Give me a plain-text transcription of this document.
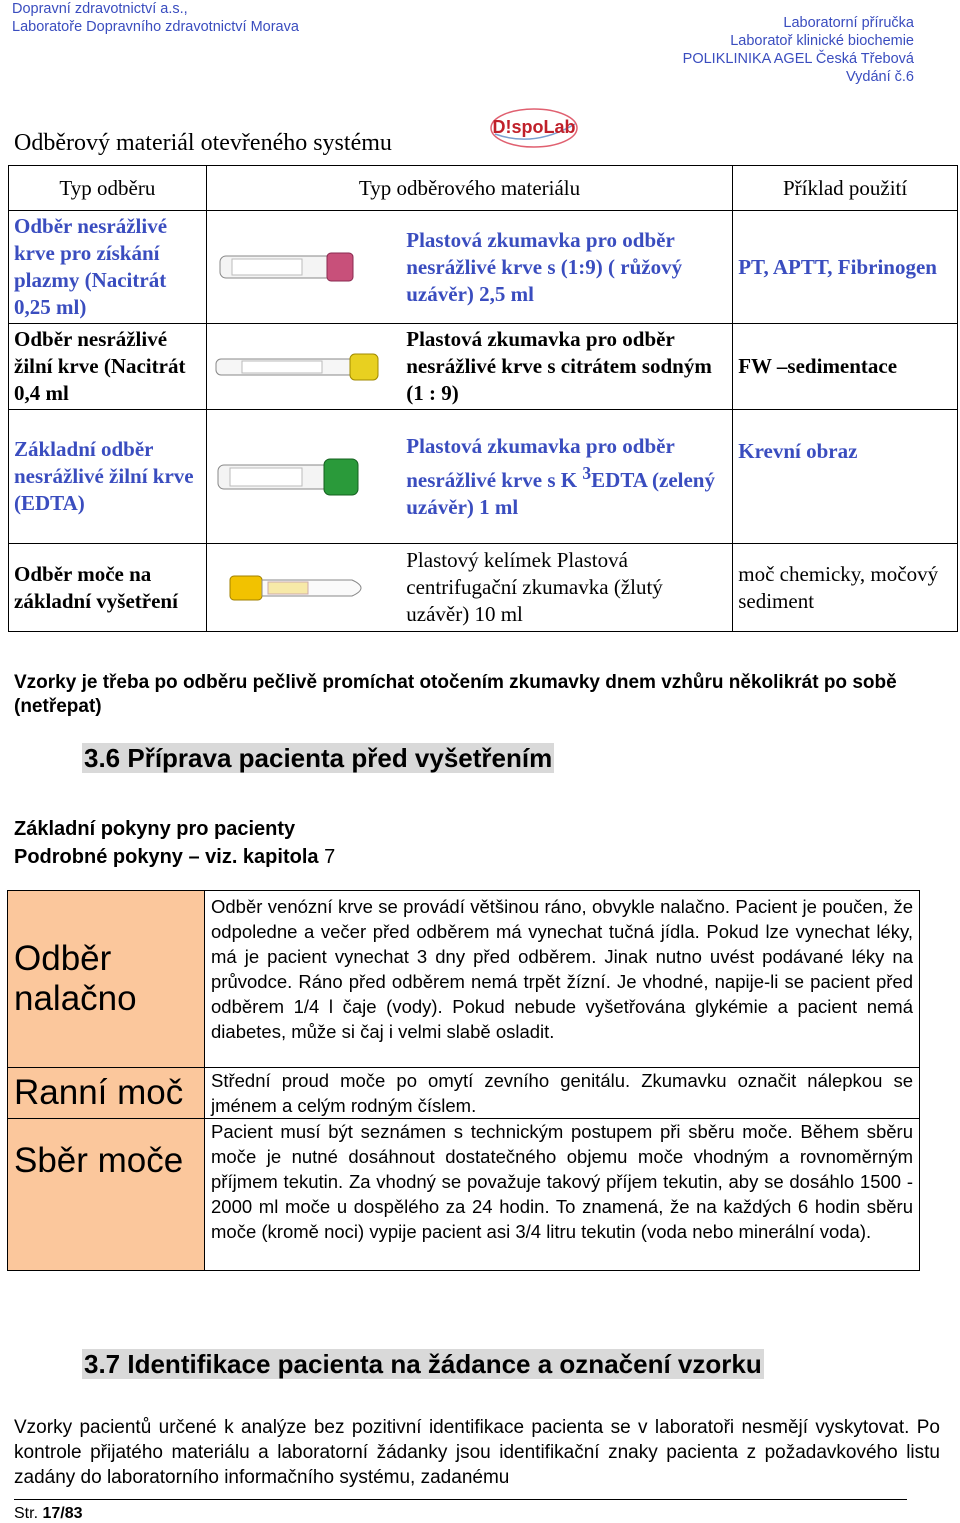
Dopravní zdravotnictví a.s.,
Laboratoře Dopravního zdravotnictví Morava	Laboratorní příručka
Laboratoř klinické biochemie
POLIKLINIKA AGEL Česká Třebová
Vydání č.6
Odběrový materiál otevřeného systému
D!spoLab
Typ odběru	Typ odběrového materiálu		Příklad použití
Odběr nesrážlivé krve pro získání plazmy (Nacitrát 0,25 ml)		Plastová zkumavka pro odběr nesrážlivé krve s (1:9) ( růžový uzávěr) 2,5 ml	PT, APTT, Fibrinogen
Odběr nesrážlivé žilní krve (Nacitrát 0,4 ml		Plastová zkumavka pro odběr nesrážlivé krve s citrátem sodným (1 : 9)	FW –sedimentace
Základní odběr nesrážlivé žilní krve (EDTA)		Plastová zkumavka pro odběr nesrážlivé krve s K $^3$EDTA (zelený uzávěr) 1 ml	Krevní obraz
Odběr moče na základní vyšetření		Plastový kelímek Plastová centrifugační zkumavka (žlutý uzávěr) 10 ml	moč chemicky, močový sediment
Vzorky je třeba po odběru pečlivě promíchat otočením zkumavky dnem vzhůru několikrát po sobě (netřepat)
3.6 Příprava pacienta před vyšetřením
Základní pokyny pro pacienty
Podrobné pokyny – viz. kapitola 7
Odběr nalačno	Odběr venózní krve se provádí většinou ráno, obvykle nalačno. Pacient je poučen, že odpoledne a večer před odběrem má vynechat tučná jídla. Pokud lze vynechat léky, má je pacient vynechat 3 dny před odběrem. Jinak nutno uvést podávané léky na průvodce. Ráno před odběrem nemá trpět žízní. Je vhodné, napije-li se pacient před odběrem 1/4 l čaje (vody). Pokud nebude vyšetřována glykémie a pacient nemá diabetes, může si čaj i velmi slabě osladit.
Ranní moč	Střední proud moče po omytí zevního genitálu. Zkumavku označit nálepkou se jménem a celým rodným číslem.
Sběr moče	Pacient musí být seznámen s technickým postupem při sběru moče. Během sběru moče je nutné dosáhnout dostatečného objemu moče vhodným a rovnoměrným příjmem tekutin. Za vhodný se považuje takový příjem tekutin, aby se dosáhlo 1500 - 2000 ml moče u dospělého za 24 hodin. To znamená, že na každých 6 hodin sběru moče (kromě noci) vypije pacient asi 3/4 litru tekutin (voda nebo minerální voda).
3.7 Identifikace pacienta na žádance a označení vzorku
Vzorky pacientů určené k analýze bez pozitivní identifikace pacienta se v laboratoři nesmějí vyskytovat. Po kontrole přijatého materiálu a laboratorní žádanky jsou identifikační znaky pacienta z požadavkového listu zadány do laboratorního informačního systému, zadanému
Str. 17/83
